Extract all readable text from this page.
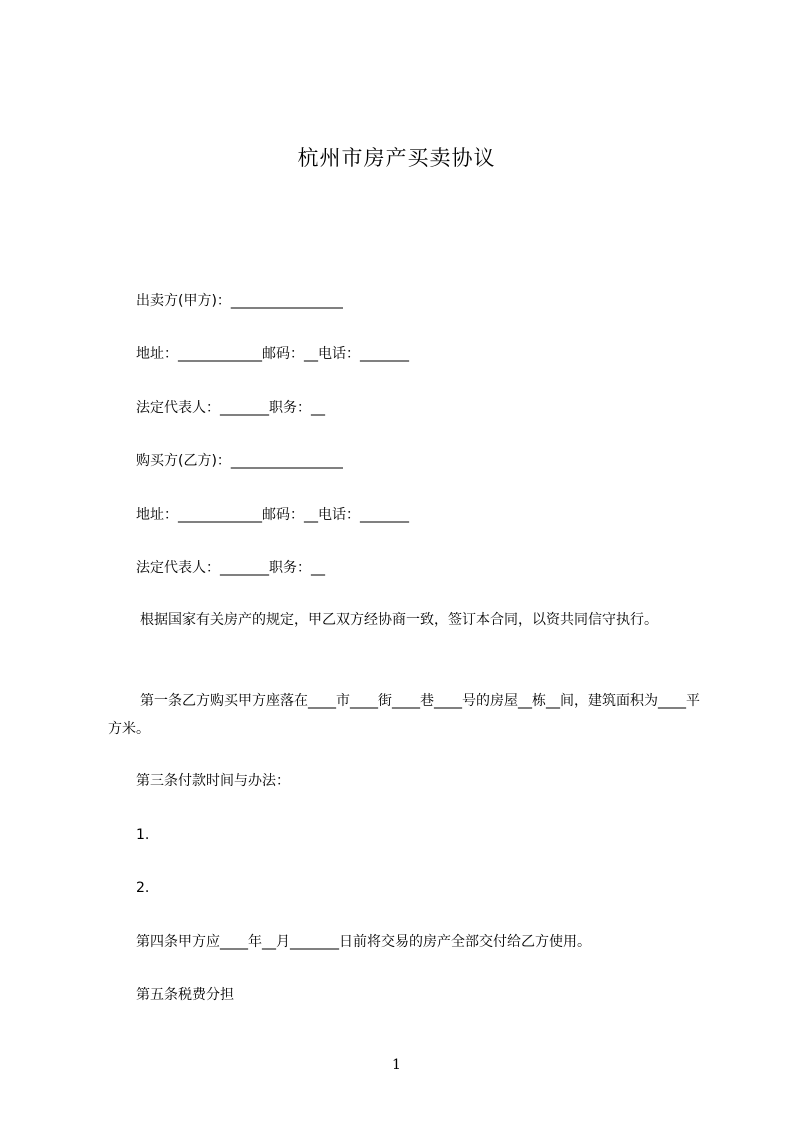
杭州市房产买卖协议
出卖方(甲方)：________________
地址：____________邮码：__电话：_______
法定代表人：_______职务：__
购买方(乙方)：________________
地址：____________邮码：__电话：_______
法定代表人：_______职务：__
根据国家有关房产的规定，甲乙双方经协商一致，签订本合同，以资共同信守执行。
第一条乙方购买甲方座落在____市____街____巷____号的房屋__栋__间，建筑面积为____平方米。
第三条付款时间与办法：
1.
2.
第四条甲方应____年__月_______日前将交易的房产全部交付给乙方使用。
第五条税费分担
1
